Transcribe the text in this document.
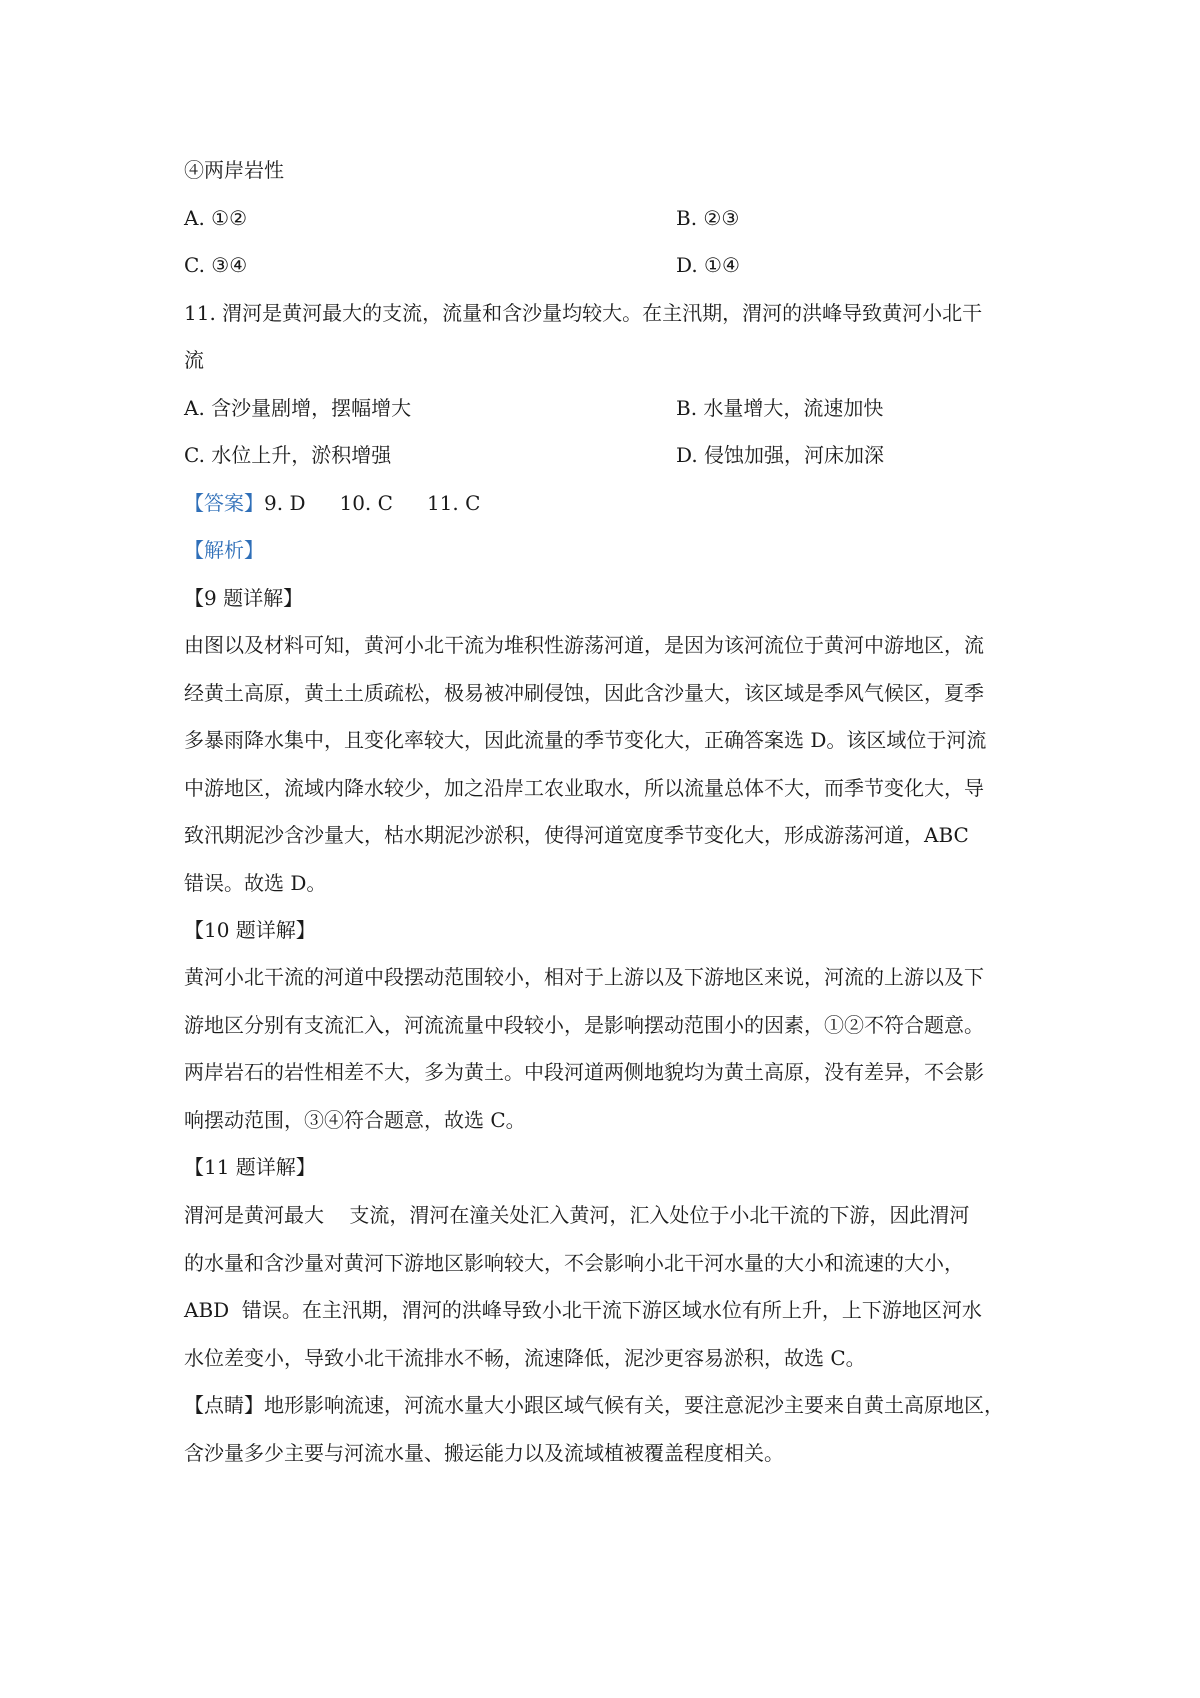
④两岸岩性
A. ①②	B. ②③
C. ③④	D. ①④
11. 渭河是黄河最大的支流，流量和含沙量均较大。在主汛期，渭河的洪峰导致黄河小北干
流
A. 含沙量剧增，摆幅增大	B. 水量增大，流速加快
C. 水位上升，淤积增强	D. 侵蚀加强，河床加深
【答案】9. D 10. C 11. C
【解析】
【9 题详解】
由图以及材料可知，黄河小北干流为堆积性游荡河道，是因为该河流位于黄河中游地区，流
经黄土高原，黄土土质疏松，极易被冲刷侵蚀，因此含沙量大，该区域是季风气候区，夏季
多暴雨降水集中，且变化率较大，因此流量的季节变化大，正确答案选 D。该区域位于河流
中游地区，流域内降水较少，加之沿岸工农业取水，所以流量总体不大，而季节变化大，导
致汛期泥沙含沙量大，枯水期泥沙淤积，使得河道宽度季节变化大，形成游荡河道，ABC
错误。故选 D。
【10 题详解】
黄河小北干流的河道中段摆动范围较小，相对于上游以及下游地区来说，河流的上游以及下
游地区分别有支流汇入，河流流量中段较小，是影响摆动范围小的因素，①②不符合题意。
两岸岩石的岩性相差不大，多为黄土。中段河道两侧地貌均为黄土高原，没有差异，不会影
响摆动范围，③④符合题意，故选 C。
【11 题详解】
渭河是黄河最大    支流，渭河在潼关处汇入黄河，汇入处位于小北干流的下游，因此渭河
的水量和含沙量对黄河下游地区影响较大，不会影响小北干河水量的大小和流速的大小，
ABD  错误。在主汛期，渭河的洪峰导致小北干流下游区域水位有所上升，上下游地区河水
水位差变小，导致小北干流排水不畅，流速降低，泥沙更容易淤积，故选 C。
【点睛】地形影响流速，河流水量大小跟区域气候有关，要注意泥沙主要来自黄土高原地区，
含沙量多少主要与河流水量、搬运能力以及流域植被覆盖程度相关。
